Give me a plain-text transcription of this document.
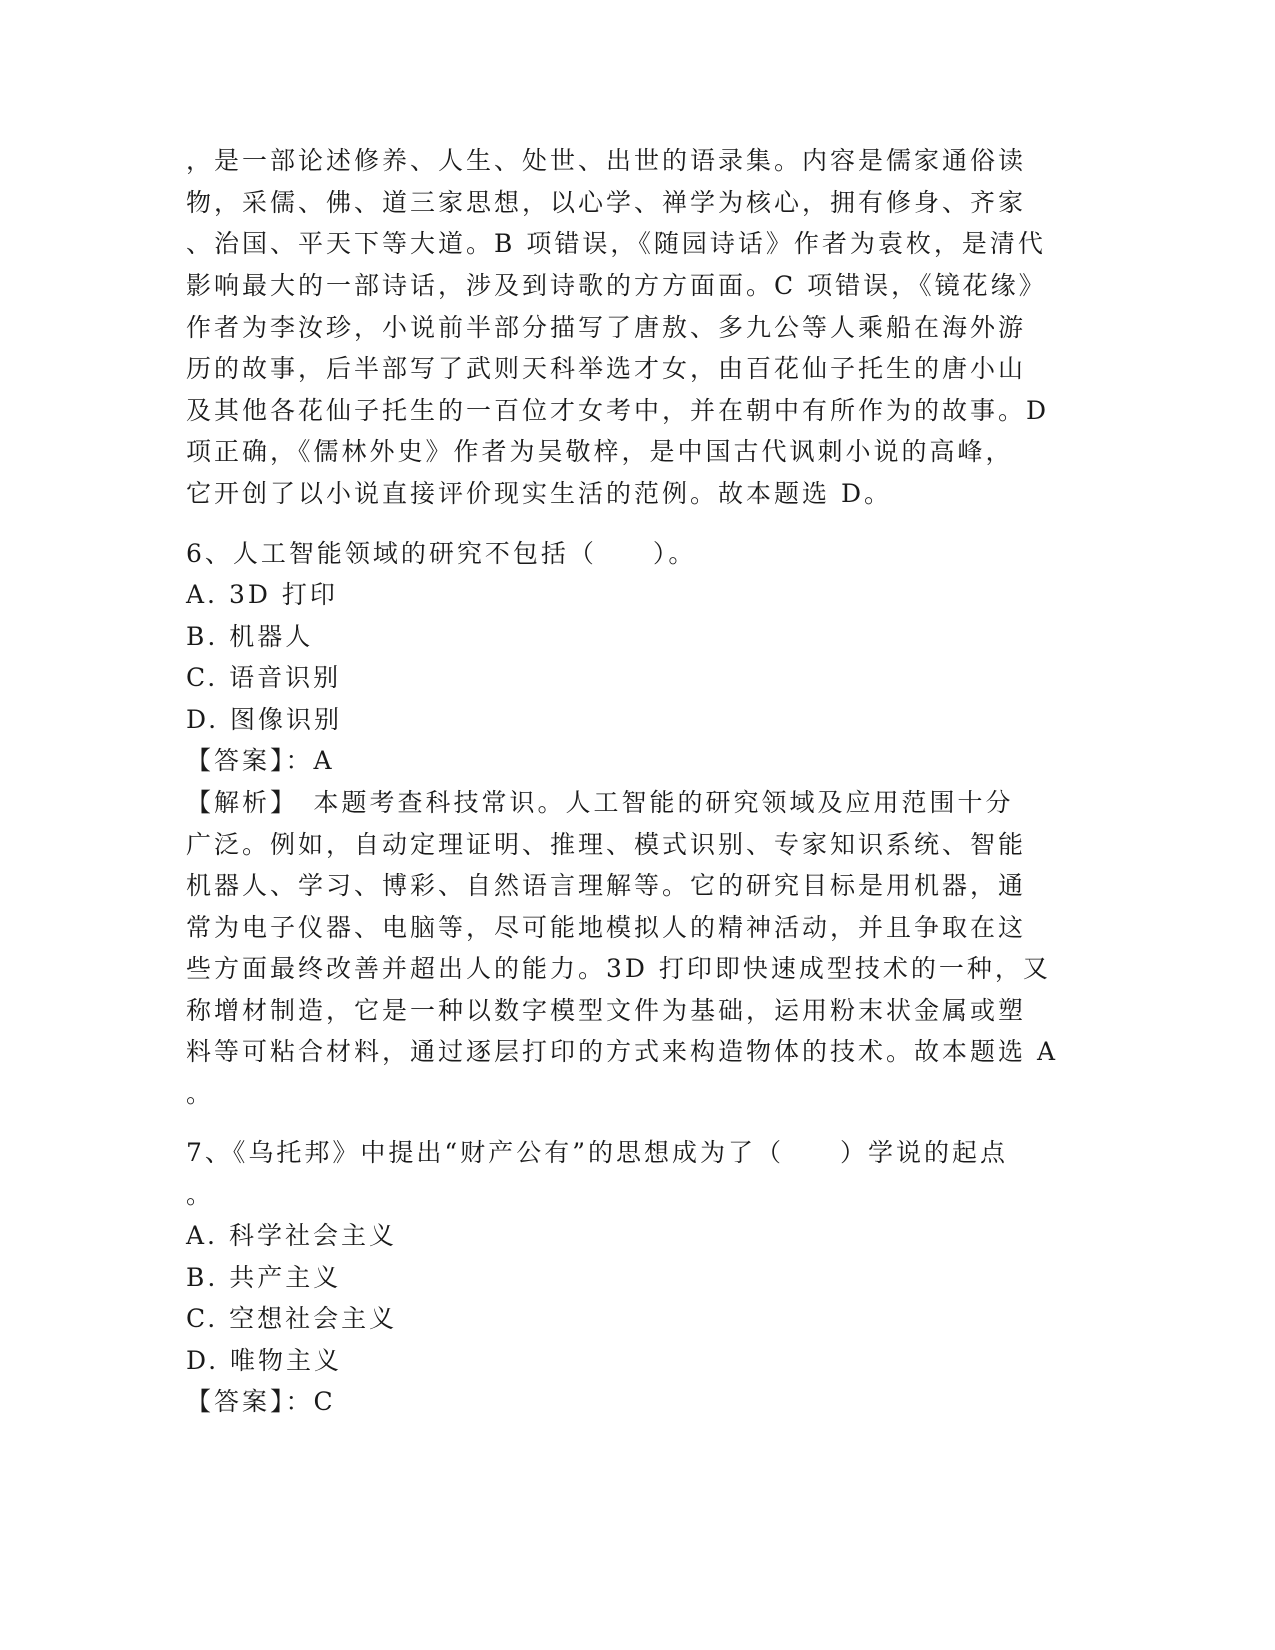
，是一部论述修养、人生、处世、出世的语录集。内容是儒家通俗读
物，采儒、佛、道三家思想，以心学、禅学为核心，拥有修身、齐家
、治国、平天下等大道。B 项错误，《随园诗话》作者为袁枚，是清代
影响最大的一部诗话，涉及到诗歌的方方面面。C 项错误，《镜花缘》
作者为李汝珍，小说前半部分描写了唐敖、多九公等人乘船在海外游
历的故事，后半部写了武则天科举选才女，由百花仙子托生的唐小山
及其他各花仙子托生的一百位才女考中，并在朝中有所作为的故事。D
项正确，《儒林外史》作者为吴敬梓，是中国古代讽刺小说的高峰，
它开创了以小说直接评价现实生活的范例。故本题选 D。
6、人工智能领域的研究不包括（　　）。
A. 3D 打印
B. 机器人
C. 语音识别
D. 图像识别
【答案】：A
【解析】　本题考查科技常识。人工智能的研究领域及应用范围十分
广泛。例如，自动定理证明、推理、模式识别、专家知识系统、智能
机器人、学习、博彩、自然语言理解等。它的研究目标是用机器，通
常为电子仪器、电脑等，尽可能地模拟人的精神活动，并且争取在这
些方面最终改善并超出人的能力。3D 打印即快速成型技术的一种，又
称增材制造，它是一种以数字模型文件为基础，运用粉末状金属或塑
料等可粘合材料，通过逐层打印的方式来构造物体的技术。故本题选 A
。
7、《乌托邦》中提出“财产公有”的思想成为了（　　）学说的起点
。
A. 科学社会主义
B. 共产主义
C. 空想社会主义
D. 唯物主义
【答案】：C
